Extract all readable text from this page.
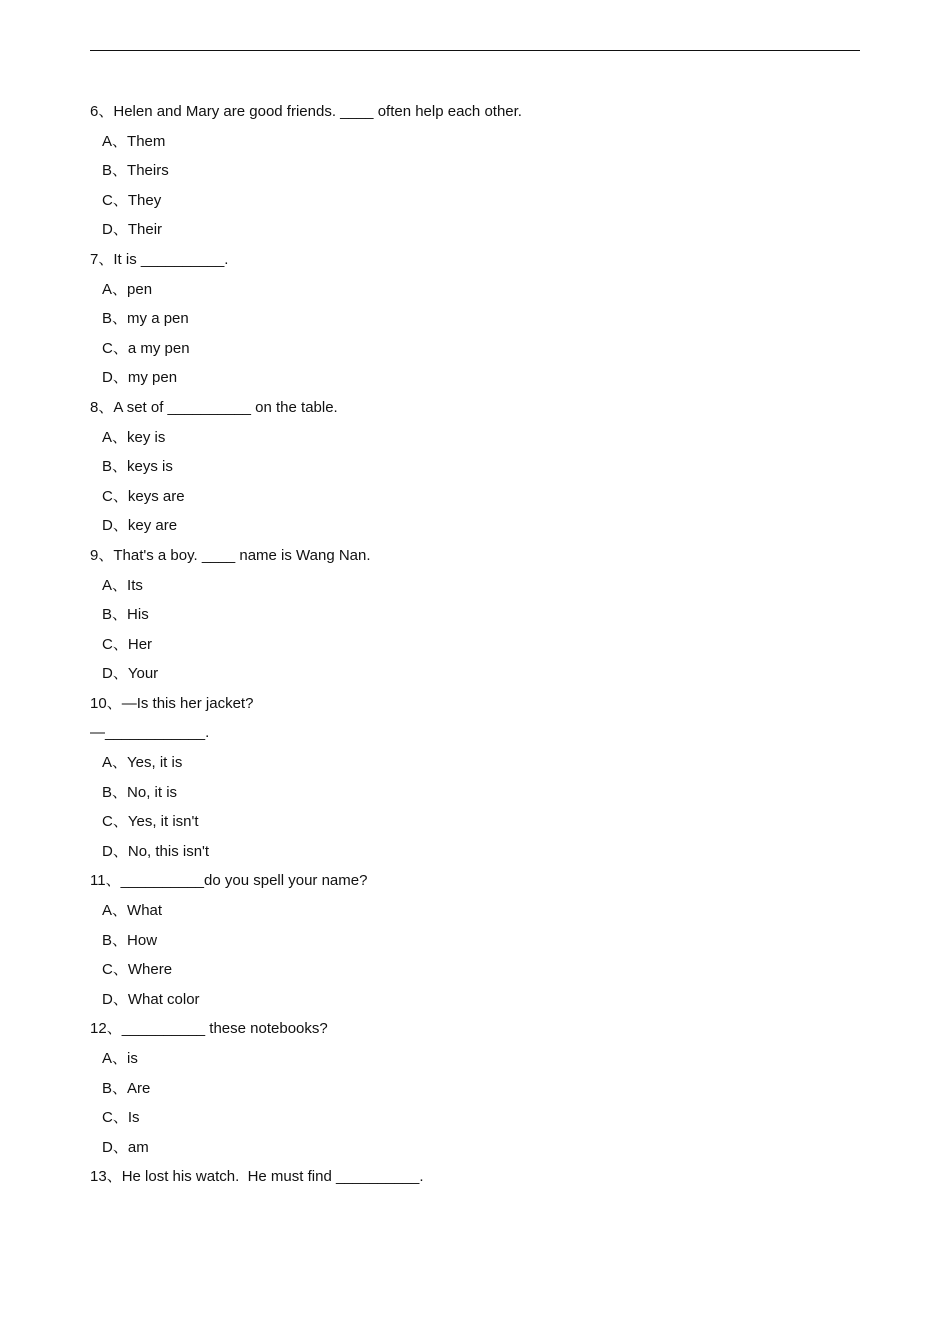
6、Helen and Mary are good friends. ____ often help each other.
A、Them
B、Theirs
C、They
D、Their
7、It is __________.
A、pen
B、my a pen
C、a my pen
D、my pen
8、A set of __________ on the table.
A、key is
B、keys is
C、keys are
D、key are
9、That's a boy. ____ name is Wang Nan.
A、Its
B、His
C、Her
D、Your
10、—Is this her jacket?
—____________.
A、Yes, it is
B、No, it is
C、Yes, it isn't
D、No, this isn't
11、__________do you spell your name?
A、What
B、How
C、Where
D、What color
12、__________ these notebooks?
A、is
B、Are
C、Is
D、am
13、He lost his watch.  He must find __________.
